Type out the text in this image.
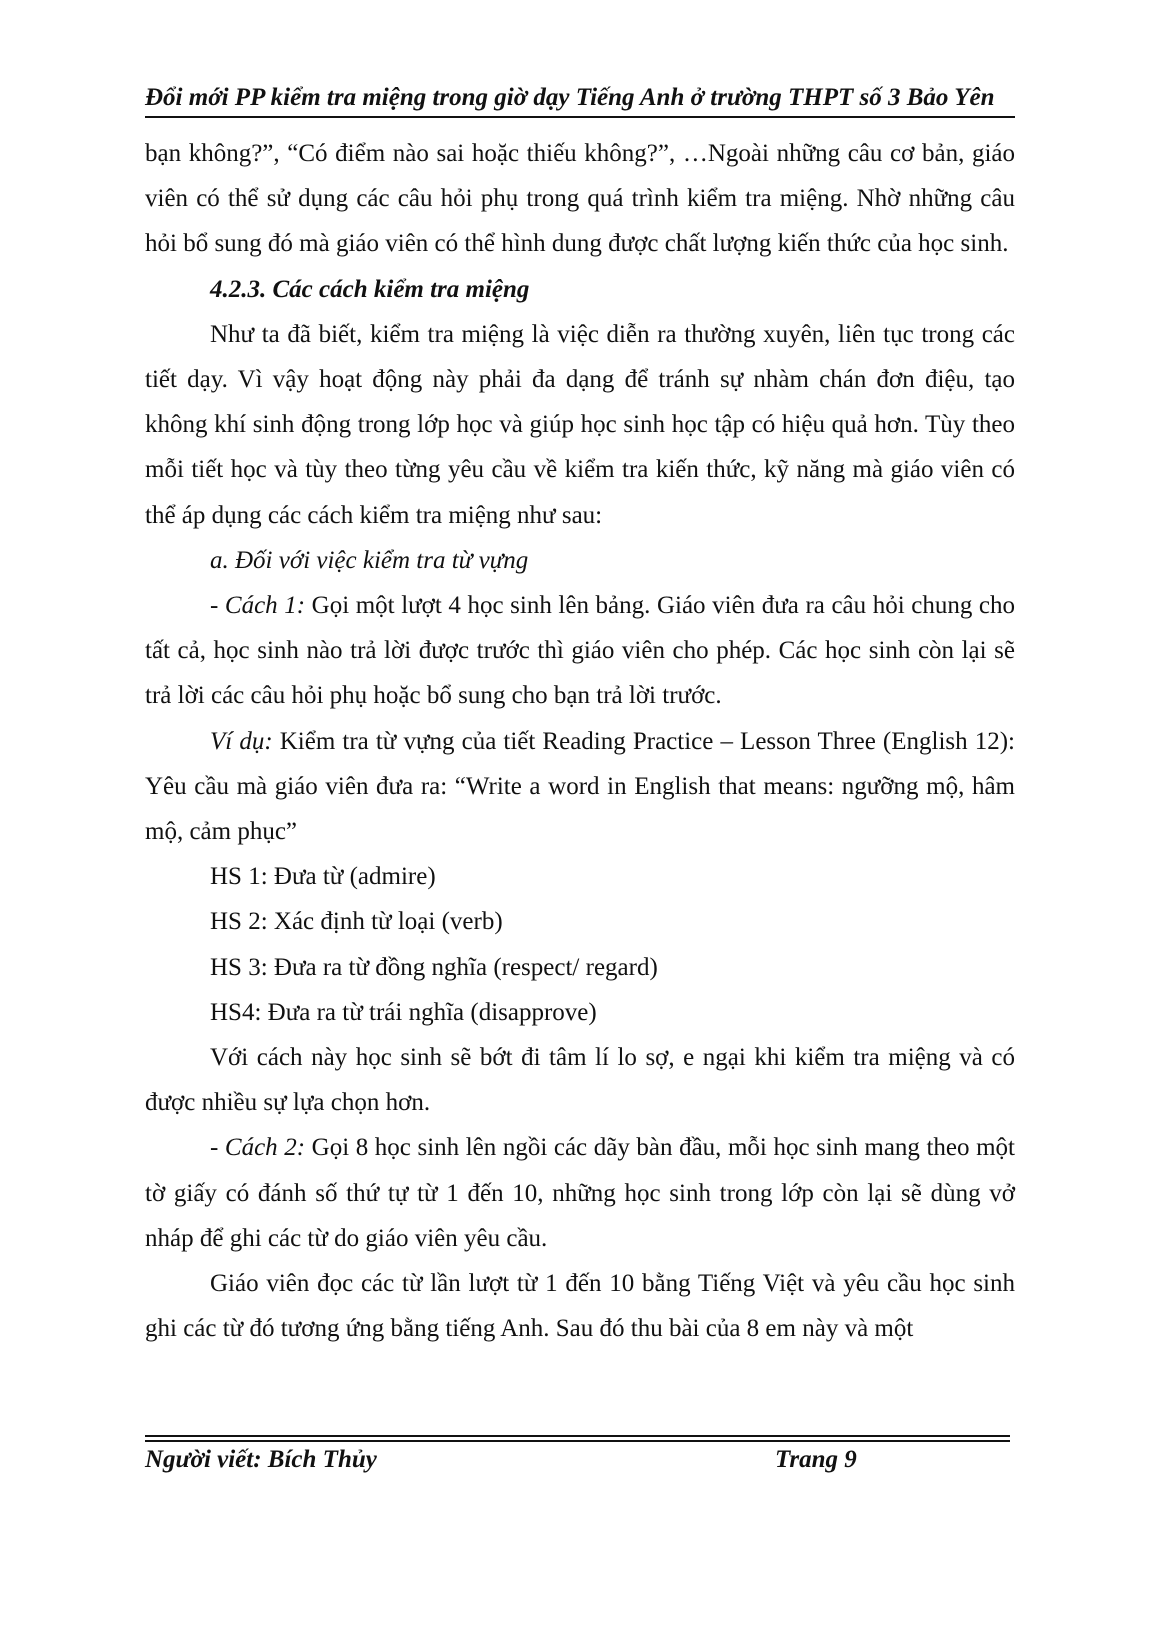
Đổi mới PP kiểm tra miệng trong giờ dạy Tiếng Anh ở trường THPT số 3 Bảo Yên

bạn không?”, “Có điểm nào sai hoặc thiếu không?”, …Ngoài những câu cơ bản, giáo viên có thể sử dụng các câu hỏi phụ trong quá trình kiểm tra miệng. Nhờ những câu hỏi bổ sung đó mà giáo viên có thể hình dung được chất lượng kiến thức của học sinh.

4.2.3. Các cách kiểm tra miệng

Như ta đã biết, kiểm tra miệng là việc diễn ra thường xuyên, liên tục trong các tiết dạy. Vì vậy hoạt động này phải đa dạng để tránh sự nhàm chán đơn điệu, tạo không khí sinh động trong lớp học và giúp học sinh học tập có hiệu quả hơn. Tùy theo mỗi tiết học và tùy theo từng yêu cầu về kiểm tra kiến thức, kỹ năng mà giáo viên có thể áp dụng các cách kiểm tra miệng như sau:

a. Đối với việc kiểm tra từ vựng

- Cách 1: Gọi một lượt 4 học sinh lên bảng. Giáo viên đưa ra câu hỏi chung cho tất cả, học sinh nào trả lời được trước thì giáo viên cho phép. Các học sinh còn lại sẽ trả lời các câu hỏi phụ hoặc bổ sung cho bạn trả lời trước.

Ví dụ: Kiểm tra từ vựng của tiết Reading Practice – Lesson Three (English 12): Yêu cầu mà giáo viên đưa ra: “Write a word in English that means: ngưỡng mộ, hâm mộ, cảm phục”

HS 1: Đưa từ (admire)

HS 2: Xác định từ loại (verb)

HS 3: Đưa ra từ đồng nghĩa (respect/ regard)

HS4: Đưa ra từ trái nghĩa (disapprove)

Với cách này học sinh sẽ bớt đi tâm lí lo sợ, e ngại khi kiểm tra miệng và có được nhiều sự lựa chọn hơn.

- Cách 2: Gọi 8 học sinh lên ngồi các dãy bàn đầu, mỗi học sinh mang theo một tờ giấy có đánh số thứ tự từ 1 đến 10, những học sinh trong lớp còn lại sẽ dùng vở nháp để ghi các từ do giáo viên yêu cầu.

Giáo viên đọc các từ lần lượt từ 1 đến 10 bằng Tiếng Việt và yêu cầu học sinh ghi các từ đó tương ứng bằng tiếng Anh. Sau đó thu bài của 8 em này và một

Người viết: Bích Thủy	Trang 9
